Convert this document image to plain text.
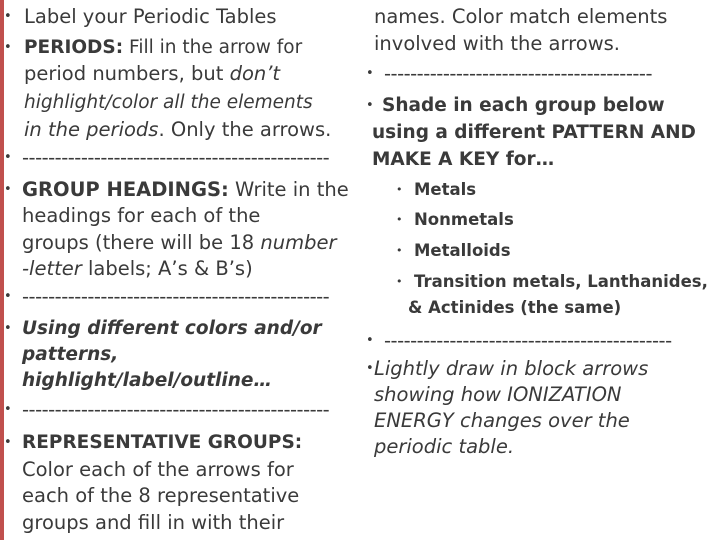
• Label your Periodic Tables
• PERIODS: Fill in the arrow for
period numbers, but don’t
highlight/color all the elements
in the periods. Only the arrows.
• -----------------------------------------------
• GROUP HEADINGS: Write in the
headings for each of the
groups (there will be 18 number
-letter labels; A’s & B’s)
• -----------------------------------------------
• Using different colors and/or
patterns,
highlight/label/outline…
• -----------------------------------------------
• REPRESENTATIVE GROUPS:
Color each of the arrows for
each of the 8 representative
groups and fill in with their
names. Color match elements
involved with the arrows.
• -----------------------------------------
• Shade in each group below
using a different PATTERN AND
MAKE A KEY for…
• Metals
• Nonmetals
• Metalloids
• Transition metals, Lanthanides,
& Actinides (the same)
• --------------------------------------------
• Lightly draw in block arrows
showing how IONIZATION
ENERGY changes over the
periodic table.
